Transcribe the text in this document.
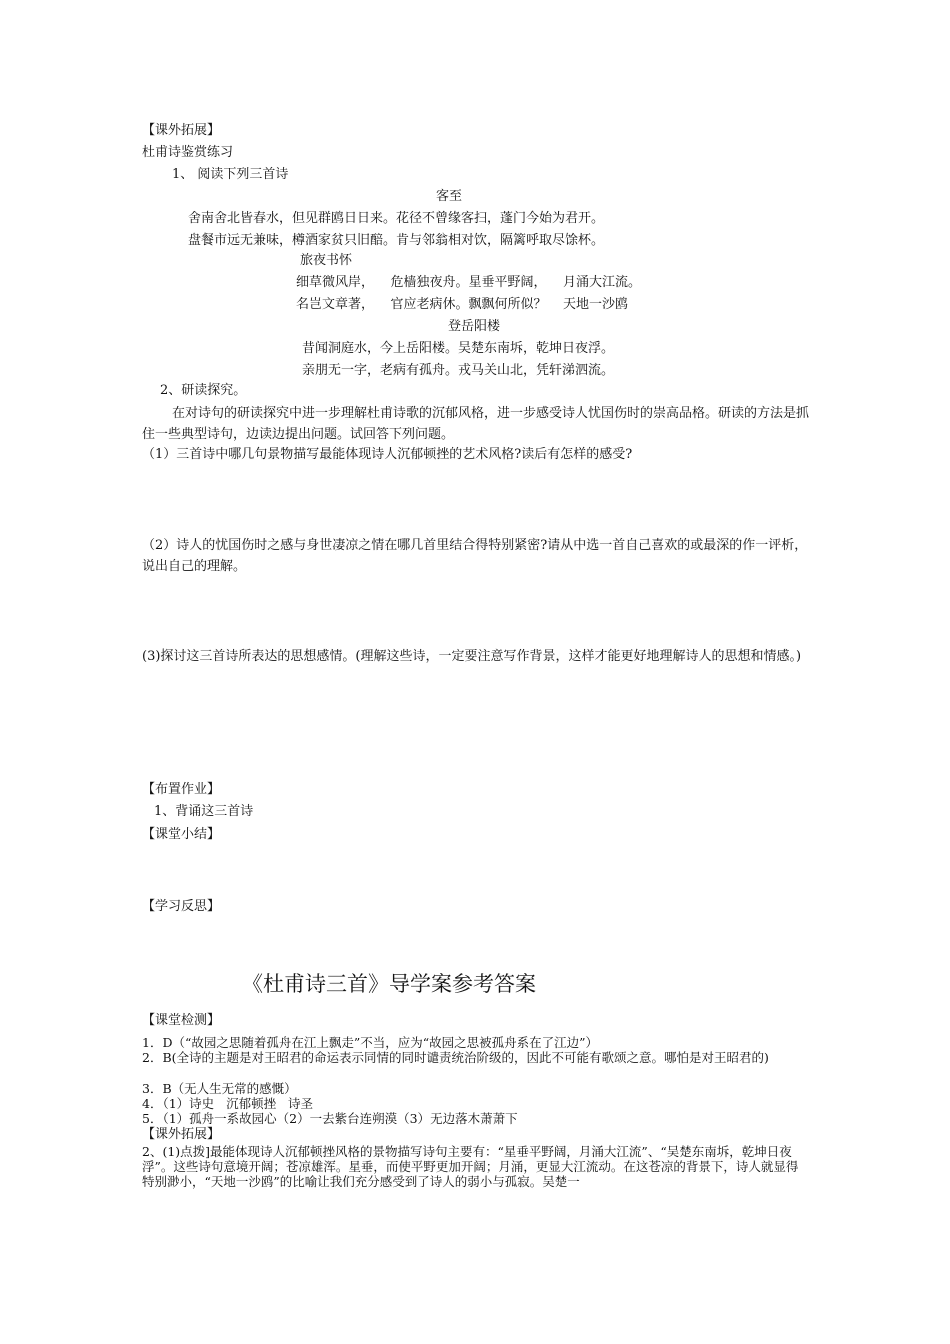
【课外拓展】
杜甫诗鉴赏练习
1、 阅读下列三首诗
客至
舍南舍北皆春水，但见群鸥日日来。花径不曾缘客扫，蓬门今始为君开。
盘餐市远无兼味，樽酒家贫只旧醅。肯与邻翁相对饮，隔篱呼取尽馀杯。
旅夜书怀
细草微风岸，    危樯独夜舟。星垂平野阔，    月涌大江流。
名岂文章著，    官应老病休。飘飘何所似？    天地一沙鸥
登岳阳楼
昔闻洞庭水，今上岳阳楼。吴楚东南坼，乾坤日夜浮。
亲朋无一字，老病有孤舟。戎马关山北，凭轩涕泗流。
2、研读探究。
在对诗句的研读探究中进一步理解杜甫诗歌的沉郁风格，进一步感受诗人忧国伤时的崇高品格。研读的方法是抓住一些典型诗句，边读边提出问题。试回答下列问题。
（1）三首诗中哪几句景物描写最能体现诗人沉郁顿挫的艺术风格?读后有怎样的感受?
（2）诗人的忧国伤时之感与身世凄凉之情在哪几首里结合得特别紧密?请从中选一首自己喜欢的或最深的作一评析，说出自己的理解。
(3)探讨这三首诗所表达的思想感情。(理解这些诗，一定要注意写作背景，这样才能更好地理解诗人的思想和情感。)
【布置作业】
1、背诵这三首诗
【课堂小结】
【学习反思】
《杜甫诗三首》导学案参考答案
【课堂检测】
1．D（“故园之思随着孤舟在江上飘走”不当，应为“故园之思被孤舟系在了江边”）
2．B(全诗的主题是对王昭君的命运表示同情的同时谴责统治阶级的，因此不可能有歌颂之意。哪怕是对王昭君的)
3．B（无人生无常的感慨）
4．（1）诗史   沉郁顿挫   诗圣
5．（1）孤舟一系故园心（2）一去紫台连朔漠（3）无边落木萧萧下
【课外拓展】
2、(1)点拨]最能体现诗人沉郁顿挫风格的景物描写诗句主要有：“星垂平野阔，月涌大江流”、“吴楚东南坼，乾坤日夜浮”。这些诗句意境开阔；苍凉雄浑。星垂，而使平野更加开阔；月涌，更显大江流动。在这苍凉的背景下，诗人就显得特别渺小，“天地一沙鸥”的比喻让我们充分感受到了诗人的弱小与孤寂。吴楚一
